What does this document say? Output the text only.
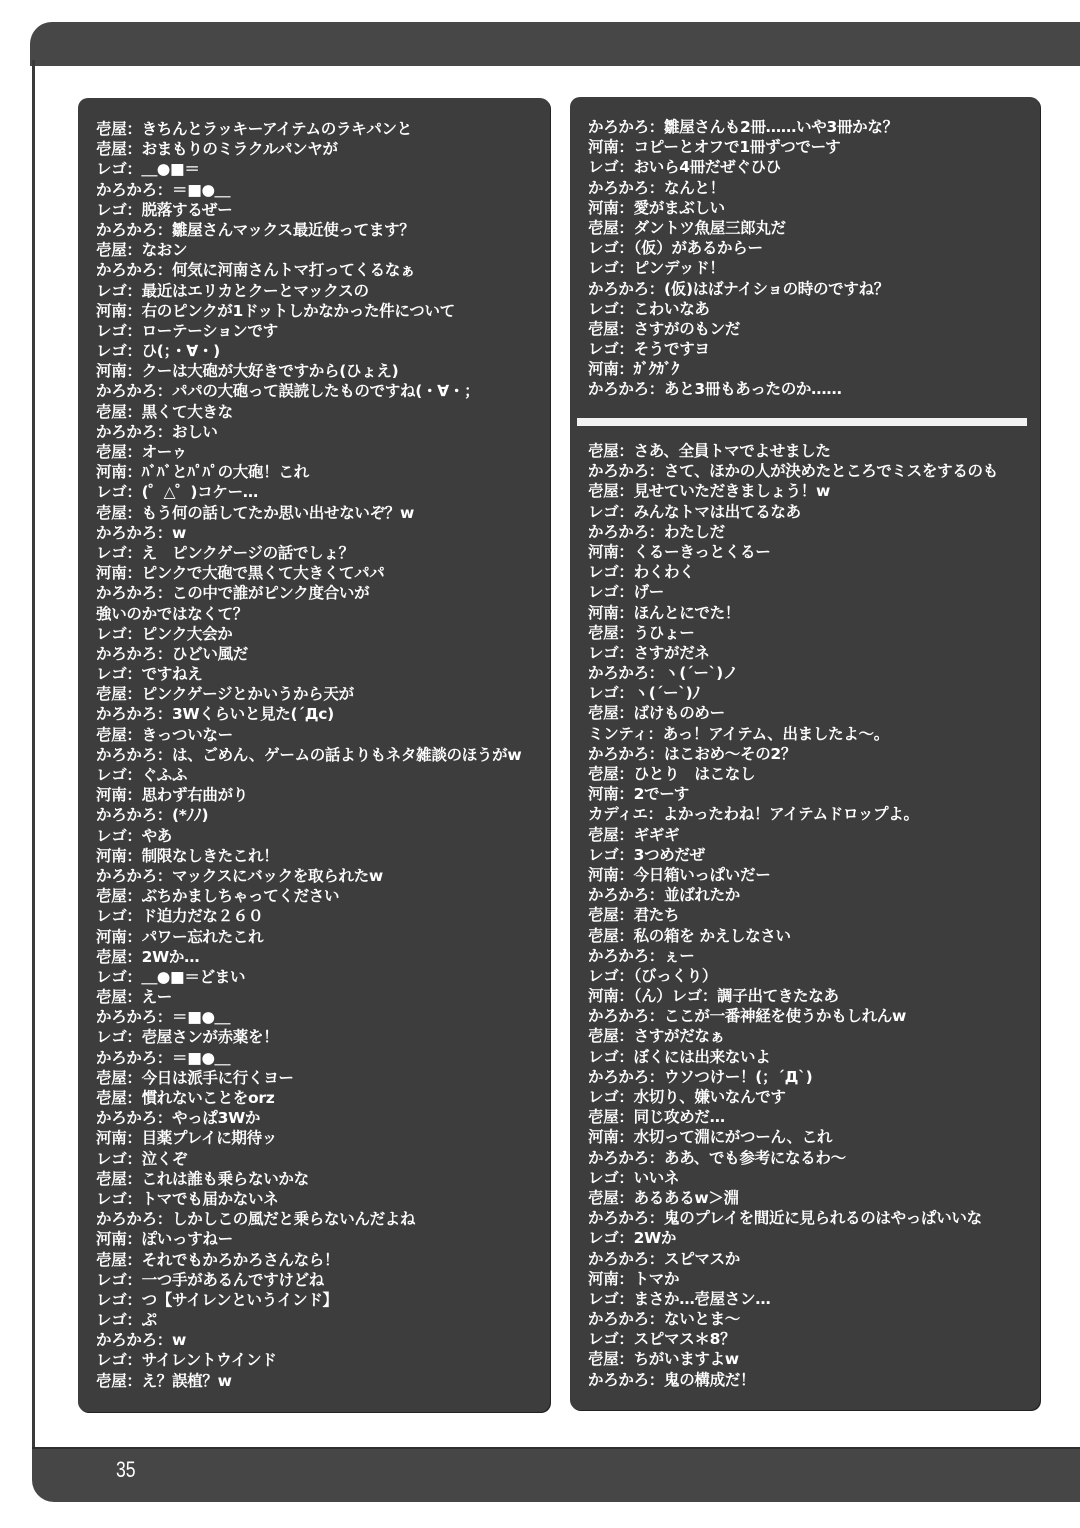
壱屋：きちんとラッキーアイテムのラキパンと
壱屋：おまもりのミラクルパンヤが
レゴ：＿●■＝
かろかろ：＝■●＿
レゴ：脱落するぜー
かろかろ：雛屋さんマックス最近使ってます？
壱屋：なおン
かろかろ：何気に河南さんトマ打ってくるなぁ
レゴ：最近はエリカとクーとマックスの
河南：右のピンクが1ドットしかなかった件について
レゴ：ローテーションです
レゴ：ひ(；・∀・)
河南：クーは大砲が大好きですから(ひょえ)
かろかろ：パパの大砲って誤読したものですね(・∀・；
壱屋：黒くて大きな
かろかろ：おしい
壱屋：オーゥ
河南：ﾊﾞﾊﾞとﾊﾟﾊﾟの大砲！これ
レゴ：(゜△゜)コケー…
壱屋：もう何の話してたか思い出せないぞ？w
かろかろ：w
レゴ：え　ピンクゲージの話でしょ？
河南：ピンクで大砲で黒くて大きくてパパ
かろかろ：この中で誰がピンク度合いが
強いのかではなくて？
レゴ：ピンク大会か
かろかろ：ひどい風だ
レゴ：ですねえ
壱屋：ピンクゲージとかいうから天が
かろかろ：3Wくらいと見た(´Дⅽ)
壱屋：きっついなー
かろかろ：は、ごめん、ゲームの話よりもネタ雑談のほうがw
レゴ：ぐふふ
河南：思わず右曲がり
かろかろ：(*ﾉﾉ)
レゴ：やあ
河南：制限なしきたこれ！
かろかろ：マックスにバックを取られたw
壱屋：ぶちかましちゃってください
レゴ：ド迫力だな２６０
河南：パワー忘れたこれ
壱屋：2Wか…
レゴ：＿●■＝どまい
壱屋：えー
かろかろ：＝■●＿
レゴ：壱屋さンが赤薬を！
かろかろ：＝■●＿
壱屋：今日は派手に行くヨー
壱屋：慣れないことをorz
かろかろ：やっぱ3Wか
河南：目薬プレイに期待ッ
レゴ：泣くぞ
壱屋：これは誰も乗らないかな
レゴ：トマでも届かないネ
かろかろ：しかしこの風だと乗らないんだよね
河南：ぽいっすねー
壱屋：それでもかろかろさんなら！
レゴ：一つ手があるんですけどね
レゴ：つ【サイレンというインド】
レゴ：ぷ
かろかろ：w
レゴ：サイレントウインド
壱屋：え？誤植？w
かろかろ：雛屋さんも2冊……いや3冊かな？
河南：コピーとオフで1冊ずつでーす
レゴ：おいら4冊だぜぐひひ
かろかろ：なんと！
河南：愛がまぶしい
壱屋：ダントツ魚屋三郎丸だ
レゴ：（仮）があるからー
レゴ：ピンデッド！
かろかろ：(仮)はばナイショの時のですね？
レゴ：こわいなあ
壱屋：さすがのもンだ
レゴ：そうですヨ
河南：ｶﾞｸｶﾞｸ
かろかろ：あと3冊もあったのか……
壱屋：さあ、全員トマでよせました
かろかろ：さて、ほかの人が決めたところでミスをするのも
壱屋：見せていただきましょう！w
レゴ：みんなトマは出てるなあ
かろかろ：わたしだ
河南：くるーきっとくるー
レゴ：わくわく
レゴ：げー
河南：ほんとにでた！
壱屋：うひょー
レゴ：さすがだネ
かろかろ：ヽ(´ー`)ノ
レゴ：ヽ(´ー`)ﾉ
壱屋：ばけものめー
ミンティ：あっ！アイテム、出ましたよ〜。
かろかろ：はこおめ〜その2？
壱屋：ひとり　はこなし
河南：2でーす
カディエ：よかったわね！アイテムドロップよ。
壱屋：ギギギ
レゴ：3つめだぜ
河南：今日箱いっぱいだー
かろかろ：並ばれたか
壱屋：君たち
壱屋：私の箱を かえしなさい
かろかろ：ぇー
レゴ：（びっくり）
河南：（ん）レゴ：調子出てきたなあ
かろかろ：ここが一番神経を使うかもしれんw
壱屋：さすがだなぁ
レゴ：ぼくには出来ないよ
かろかろ：ウソつけー！(；´Д`)
レゴ：水切り、嫌いなんです
壱屋：同じ攻めだ…
河南：水切って淵にがつーん、これ
かろかろ：ああ、でも参考になるわ〜
レゴ：いいネ
壱屋：あるあるw＞淵
かろかろ：鬼のプレイを間近に見られるのはやっぱいいな
レゴ：2Wか
かろかろ：スピマスか
河南：トマか
レゴ：まさか…壱屋さン…
かろかろ：ないとま〜
レゴ：スピマス＊8？
壱屋：ちがいますよw
かろかろ：鬼の構成だ！
35
